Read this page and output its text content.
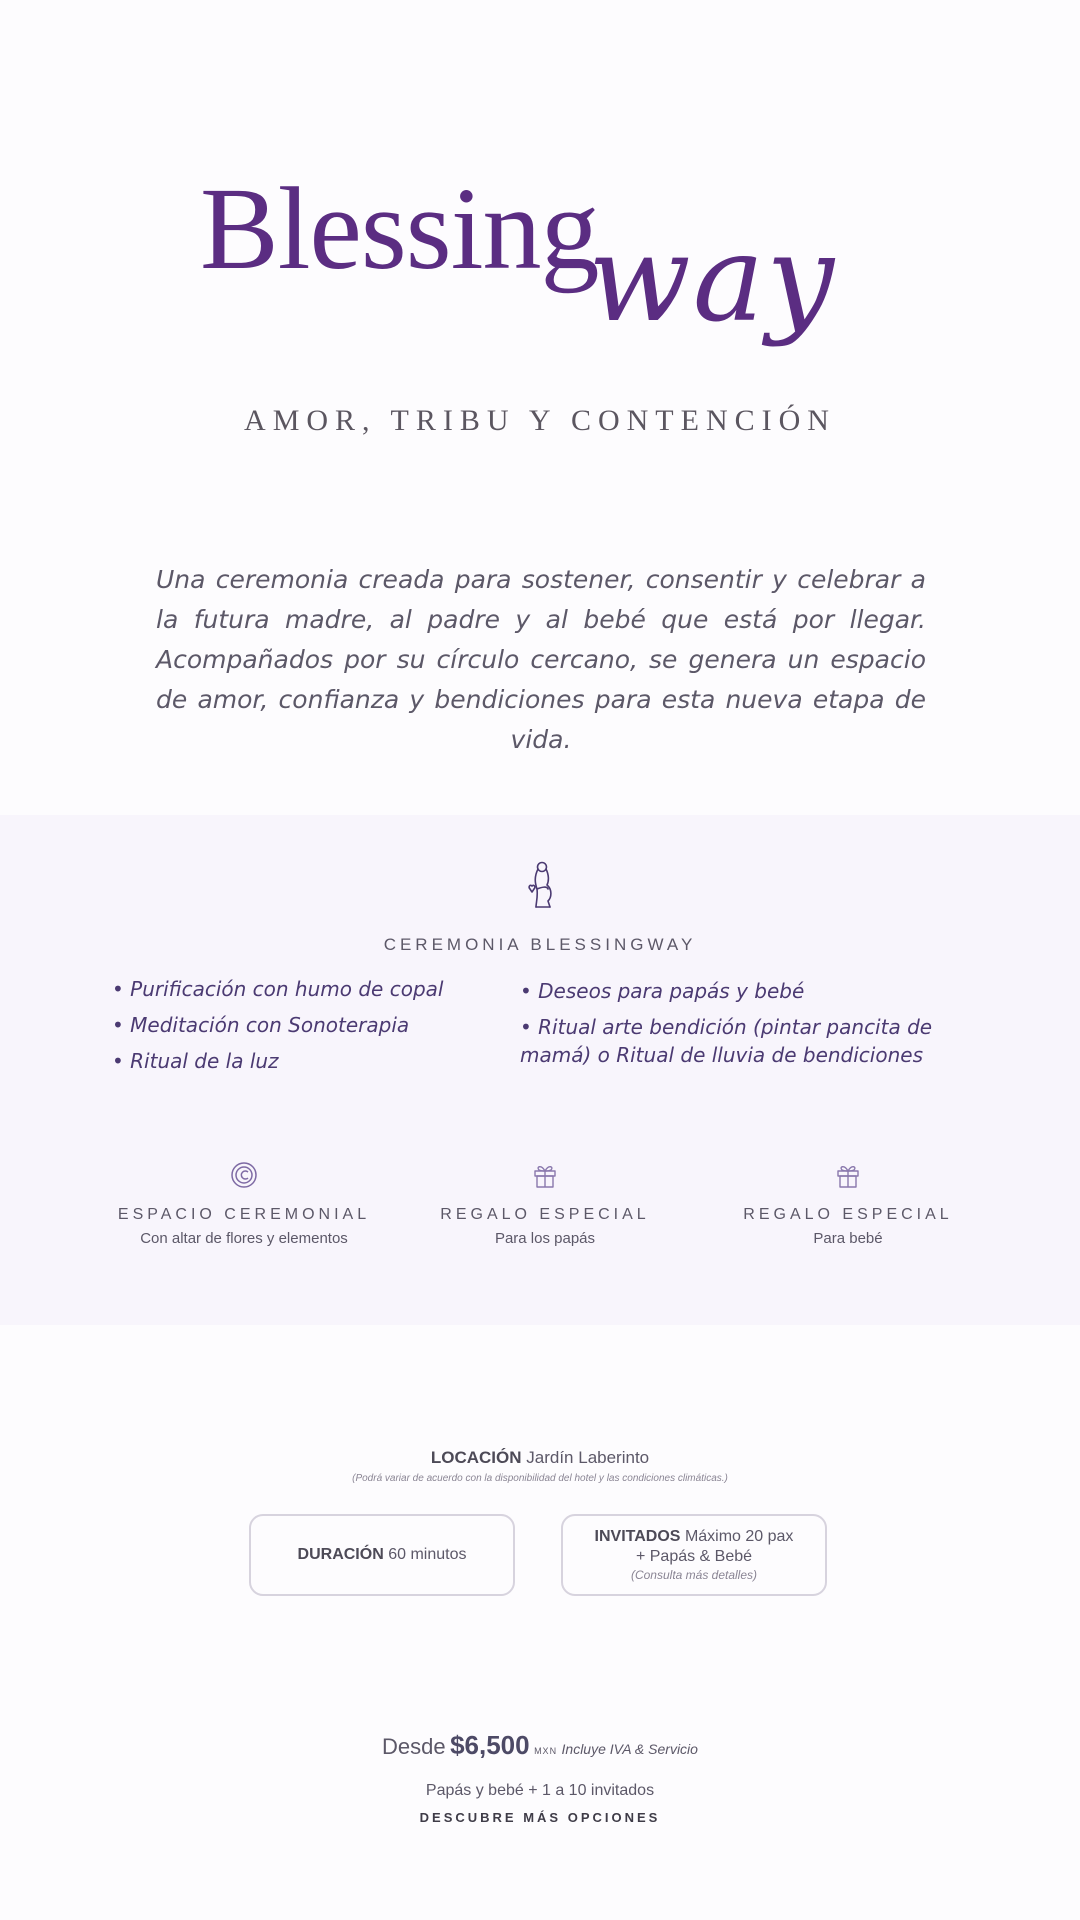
Blessing
way
AMOR, TRIBU Y CONTENCIÓN

Una ceremonia creada para sostener, consentir y celebrar a la futura madre, al padre y al bebé que está por llegar. Acompañados por su círculo cercano, se genera un espacio de amor, confianza y bendiciones para esta nueva etapa de vida.

CEREMONIA BLESSINGWAY
• Purificación con humo de copal
• Meditación con Sonoterapia
• Ritual de la luz
• Deseos para papás y bebé
• Ritual arte bendición (pintar pancita de mamá) o Ritual de lluvia de bendiciones
ESPACIO CEREMONIAL
Con altar de flores y elementos
REGALO ESPECIAL
Para los papás
REGALO ESPECIAL
Para bebé
LOCACIÓN Jardín Laberinto
(Podrá variar de acuerdo con la disponibilidad del hotel y las condiciones climáticas.)
DURACIÓN 60 minutos
INVITADOS Máximo 20 pax
+ Papás & Bebé
(Consulta más detalles)
Desde $6,500 MXN Incluye IVA & Servicio
Papás y bebé + 1 a 10 invitados
DESCUBRE MÁS OPCIONES
